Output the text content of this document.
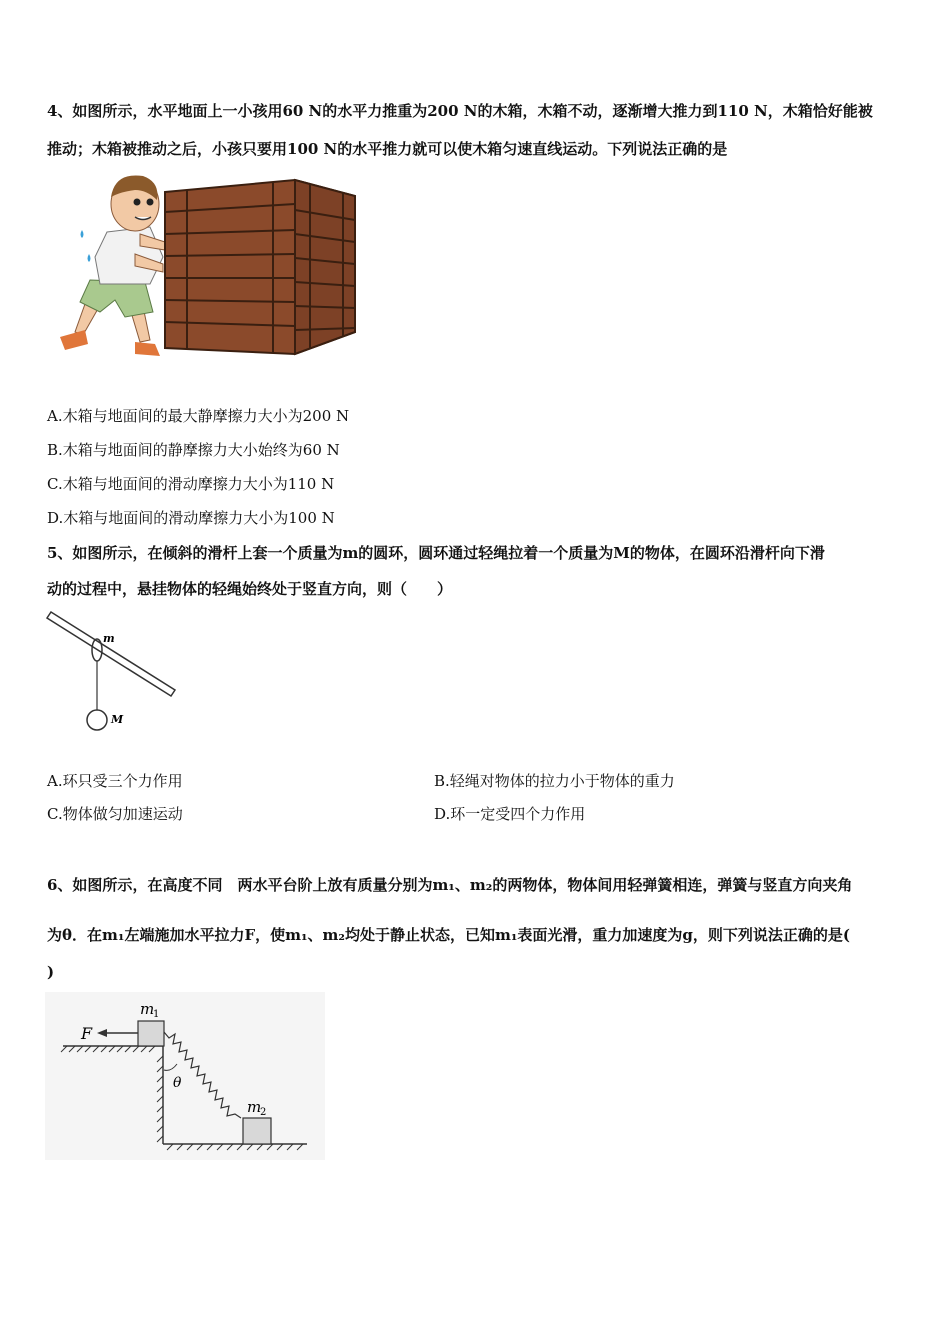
4、如图所示，水平地面上一小孩用60 N的水平力推重为200 N的木箱，木箱不动，逐渐增大推力到110 N，木箱恰好能被
推动；木箱被推动之后，小孩只要用100 N的水平推力就可以使木箱匀速直线运动。下列说法正确的是
A.木箱与地面间的最大静摩擦力大小为200 N
B.木箱与地面间的静摩擦力大小始终为60 N
C.木箱与地面间的滑动摩擦力大小为110 N
D.木箱与地面间的滑动摩擦力大小为100 N
5、如图所示，在倾斜的滑杆上套一个质量为m的圆环，圆环通过轻绳拉着一个质量为M的物体，在圆环沿滑杆向下滑
动的过程中，悬挂物体的轻绳始终处于竖直方向，则（　　）
m
M
A.环只受三个力作用	B.轻绳对物体的拉力小于物体的重力
C.物体做匀加速运动	D.环一定受四个力作用
6、如图所示，在高度不同　两水平台阶上放有质量分别为m₁、m₂的两物体，物体间用轻弹簧相连，弹簧与竖直方向夹角
为θ．在m₁左端施加水平拉力F，使m₁、m₂均处于静止状态，已知m₁表面光滑，重力加速度为g，则下列说法正确的是(
)
m
1
F
θ
m
2
